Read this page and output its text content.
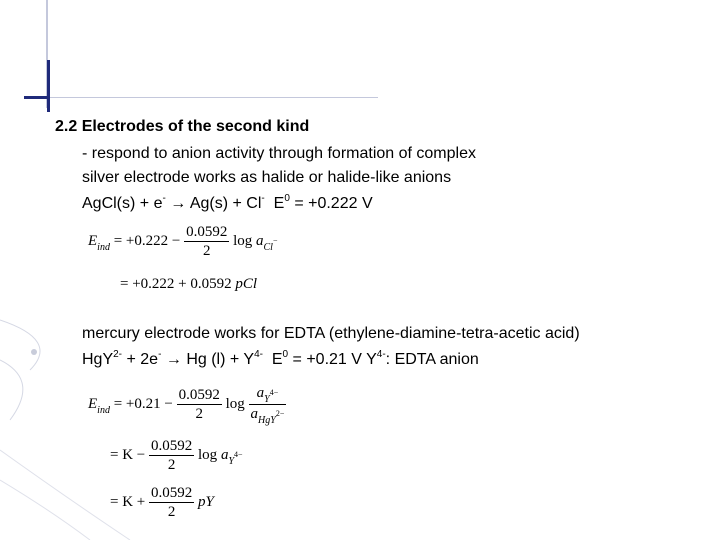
2.2 Electrodes of the second kind
- respond to anion activity through formation of complex
silver electrode works as halide or halide-like anions
AgCl(s) + e- → Ag(s) + Cl- $E^0 = +0.222$ V
$E_{ind} = +0.222 - \frac{0.0592}{2}$ $\log a_{Cl}-$
= +0.222 + 0.0592 pCl
mercury electrode works for EDTA (ethylene-diamine-tetra-acetic acid)
HgY$^{2-}$ + 2e- → Hg $(l) + Y^{4-}$ $E^0 = +0.21$ V $Y^{4-}$: EDTA anion
$E_{ind} = +0.21 - \frac{0.0592}{2}$ $\log \frac{a_Y4-}{a_{HgY}2-}$
= $K - \frac{0.0592}{2}$ $\log a_Y4-$
= $K + \frac{0.0592}{2}$ pY
